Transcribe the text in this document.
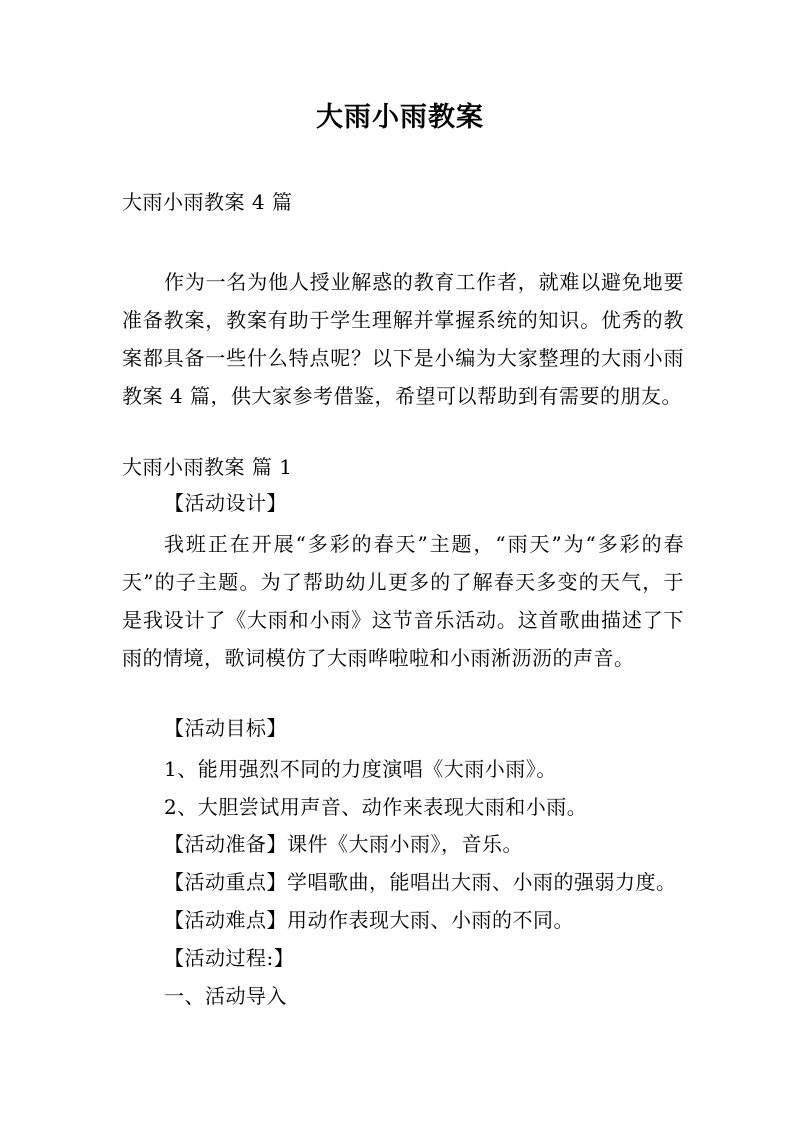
大雨小雨教案
大雨小雨教案 4 篇

作为一名为他人授业解惑的教育工作者，就难以避免地要准备教案，教案有助于学生理解并掌握系统的知识。优秀的教案都具备一些什么特点呢？以下是小编为大家整理的大雨小雨教案 4 篇，供大家参考借鉴，希望可以帮助到有需要的朋友。

大雨小雨教案 篇 1
【活动设计】

我班正在开展“多彩的春天”主题，“雨天”为“多彩的春天”的子主题。为了帮助幼儿更多的了解春天多变的天气，于是我设计了《大雨和小雨》这节音乐活动。这首歌曲描述了下雨的情境，歌词模仿了大雨哗啦啦和小雨淅沥沥的声音。

【活动目标】
1、能用强烈不同的力度演唱《大雨小雨》。
2、大胆尝试用声音、动作来表现大雨和小雨。
【活动准备】课件《大雨小雨》，音乐。
【活动重点】学唱歌曲，能唱出大雨、小雨的强弱力度。
【活动难点】用动作表现大雨、小雨的不同。
【活动过程:】
一、活动导入
